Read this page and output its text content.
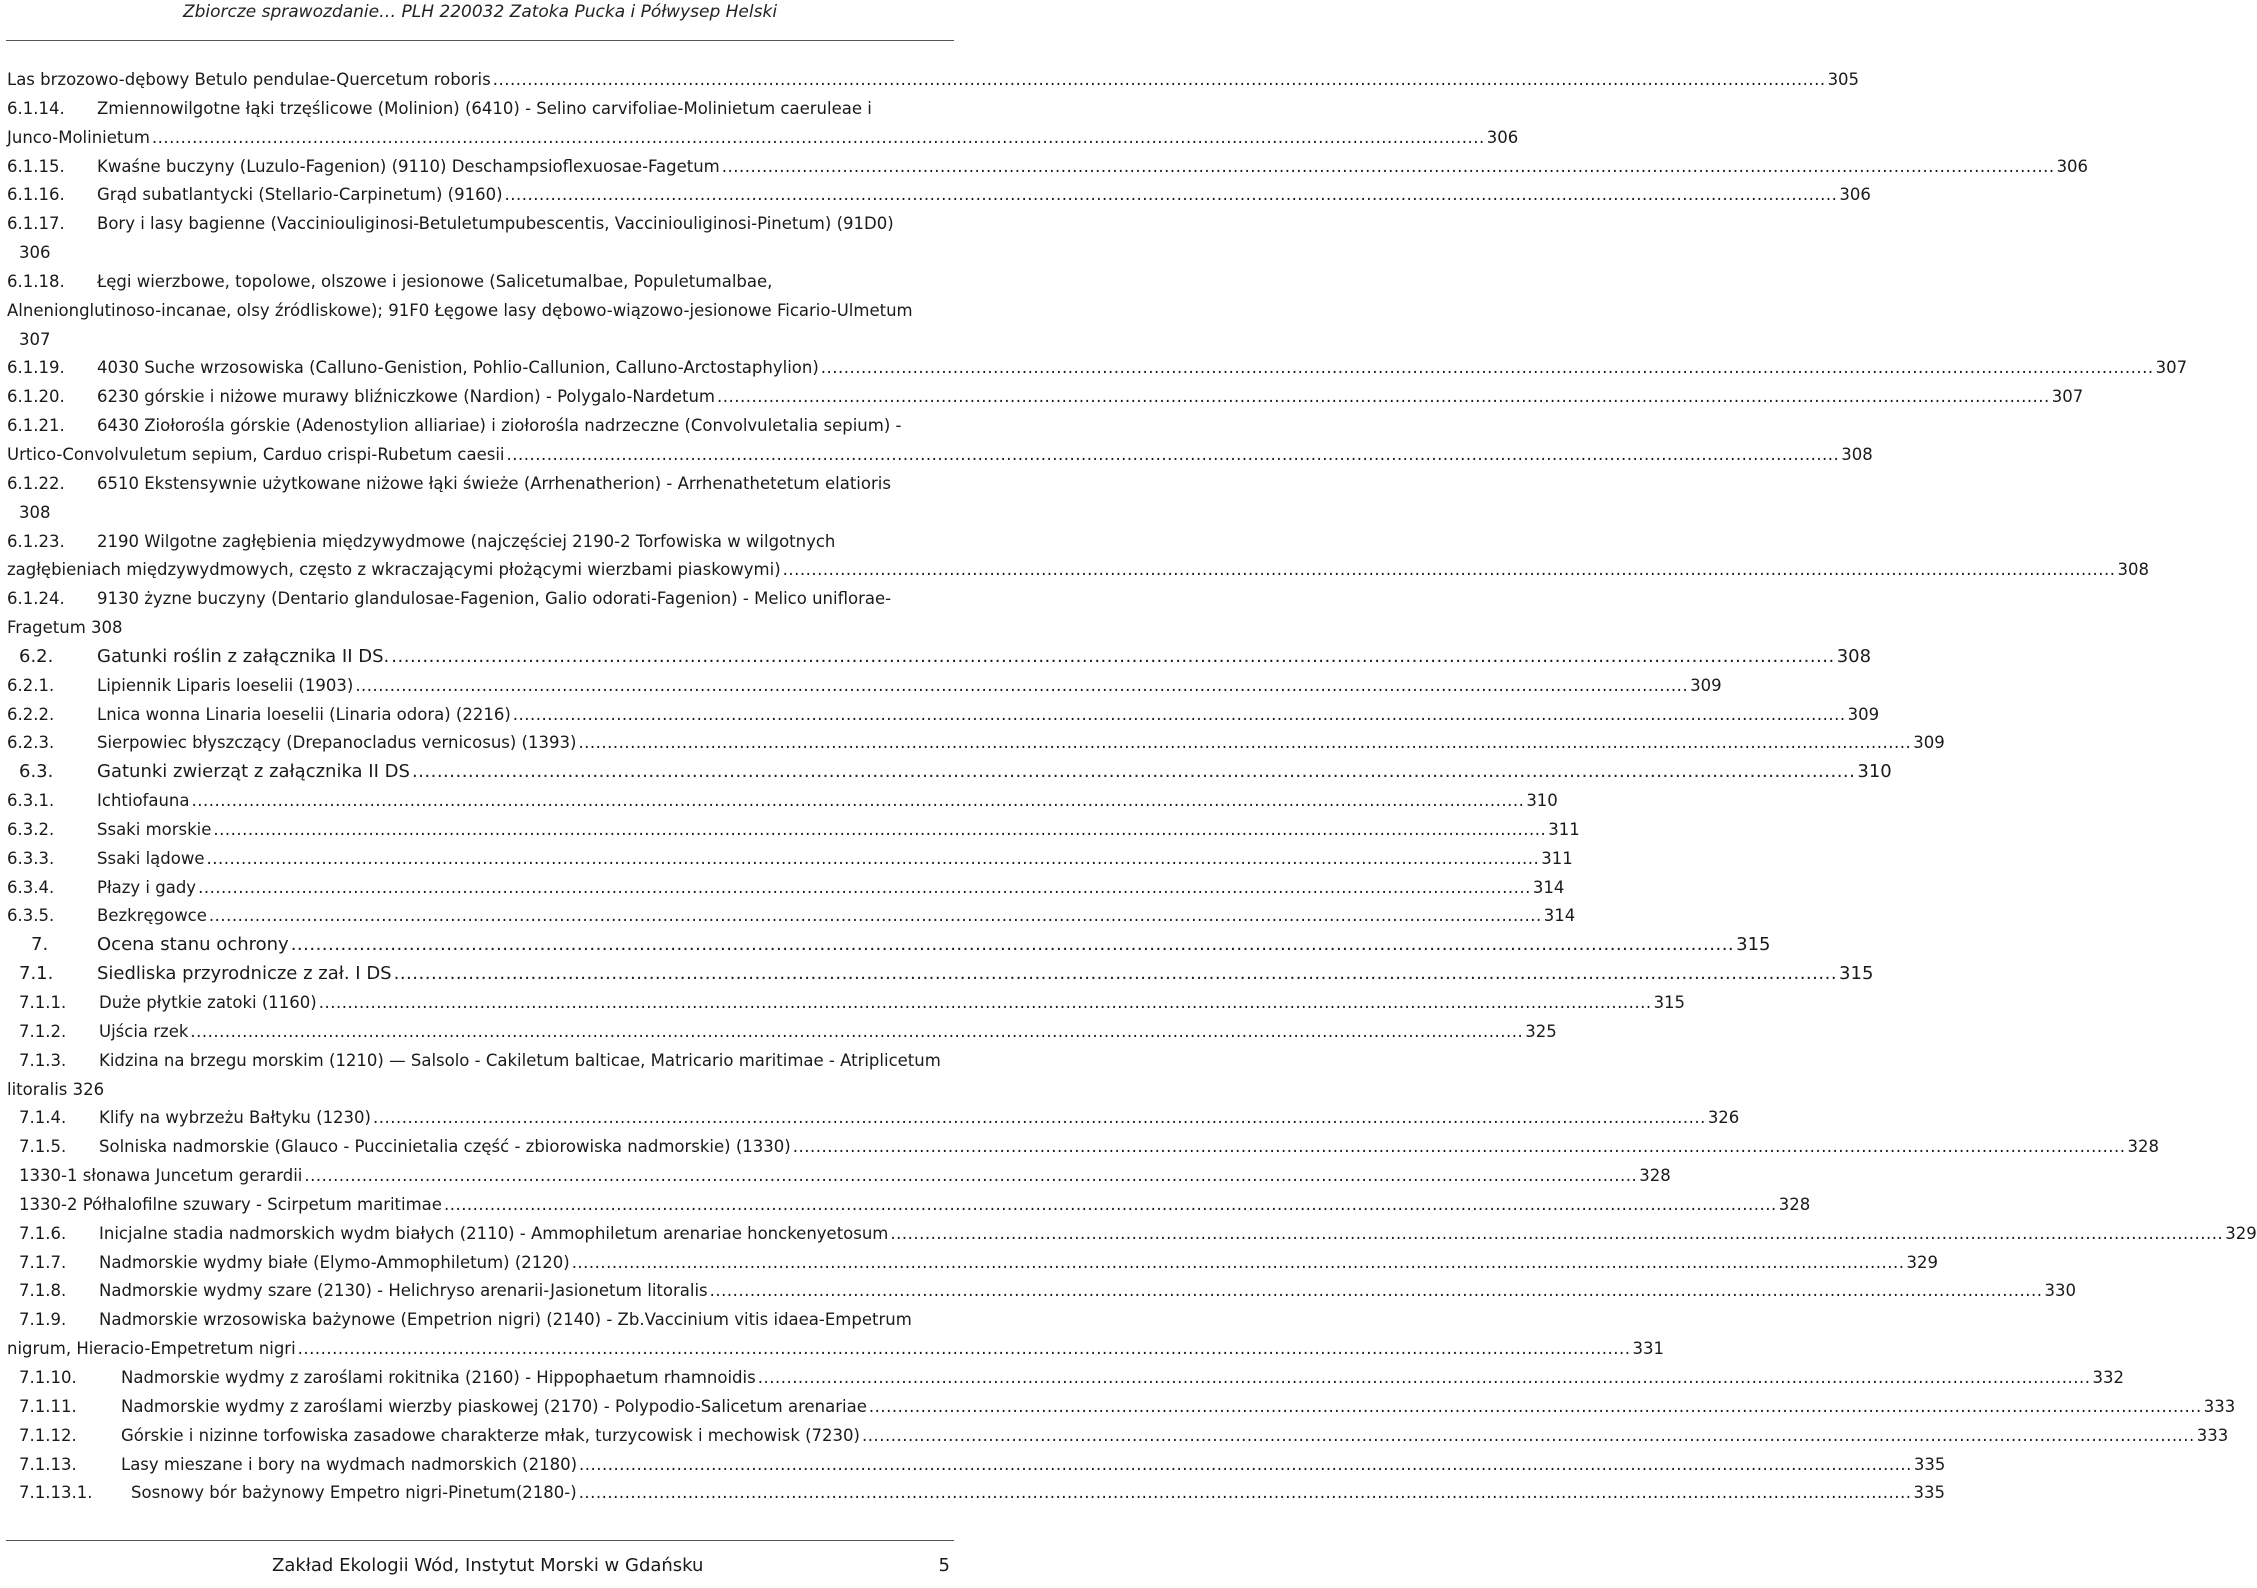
Zbiorcze sprawozdanie… PLH 220032 Zatoka Pucka i Półwysep Helski
Las brzozowo-dębowy Betulo pendulae-Quercetum roboris .....	305
6.1.14.	Zmiennowilgotne łąki trzęślicowe (Molinion) (6410) - Selino carvifoliae-Molinietum caeruleae i
Junco-Molinietum .....	306
6.1.15.	Kwaśne buczyny (Luzulo-Fagenion) (9110) Deschampsioflexuosae-Fagetum .....	306
6.1.16.	Grąd subatlantycki (Stellario-Carpinetum) (9160) .....	306
6.1.17.	Bory i lasy bagienne (Vacciniouliginosi-Betuletumpubescentis, Vacciniouliginosi-Pinetum) (91D0)
306
6.1.18.	Łęgi wierzbowe, topolowe, olszowe i jesionowe (Salicetumalbae, Populetumalbae,
Alnenionglutinoso-incanae, olsy źródliskowe); 91F0 Łęgowe lasy dębowo-wiązowo-jesionowe Ficario-Ulmetum
307
6.1.19.	4030 Suche wrzosowiska (Calluno-Genistion, Pohlio-Callunion, Calluno-Arctostaphylion) .....	307
6.1.20.	6230 górskie i niżowe murawy bliźniczkowe (Nardion) - Polygalo-Nardetum .....	307
6.1.21.	6430 Ziołorośla górskie (Adenostylion alliariae) i ziołorośla nadrzeczne (Convolvuletalia sepium) -
Urtico-Convolvuletum sepium, Carduo crispi-Rubetum caesii .....	308
6.1.22.	6510 Ekstensywnie użytkowane niżowe łąki świeże (Arrhenatherion) - Arrhenathetetum elatioris
308
6.1.23.	2190 Wilgotne zagłębienia międzywydmowe (najczęściej 2190-2 Torfowiska w wilgotnych
zagłębieniach międzywydmowych, często z wkraczającymi płożącymi wierzbami piaskowymi) .....	308
6.1.24.	9130 żyzne buczyny (Dentario glandulosae-Fagenion, Galio odorati-Fagenion) - Melico uniflorae-
Fragetum 308
6.2.	Gatunki roślin z załącznika II DS. .....	308
6.2.1.	Lipiennik Liparis loeselii (1903) .....	309
6.2.2.	Lnica wonna Linaria loeselii (Linaria odora) (2216) .....	309
6.2.3.	Sierpowiec błyszczący (Drepanocladus vernicosus) (1393) .....	309
6.3.	Gatunki zwierząt z załącznika II DS .....	310
6.3.1.	Ichtiofauna .....	310
6.3.2.	Ssaki morskie .....	311
6.3.3.	Ssaki lądowe .....	311
6.3.4.	Płazy i gady .....	314
6.3.5.	Bezkręgowce .....	314
7.	Ocena stanu ochrony .....	315
7.1.	Siedliska przyrodnicze z zał. I DS .....	315
7.1.1.	Duże płytkie zatoki (1160) .....	315
7.1.2.	Ujścia rzek .....	325
7.1.3.	Kidzina na brzegu morskim (1210) — Salsolo - Cakiletum balticae, Matricario maritimae - Atriplicetum
litoralis 326
7.1.4.	Klify na wybrzeżu Bałtyku (1230) .....	326
7.1.5.	Solniska nadmorskie (Glauco - Puccinietalia część - zbiorowiska nadmorskie) (1330) .....	328
1330-1 słonawa Juncetum gerardii .....	328
1330-2 Półhalofilne szuwary - Scirpetum maritimae .....	328
7.1.6.	Inicjalne stadia nadmorskich wydm białych (2110) - Ammophiletum arenariae honckenyetosum .....	329
7.1.7.	Nadmorskie wydmy białe (Elymo-Ammophiletum) (2120) .....	329
7.1.8.	Nadmorskie wydmy szare (2130) - Helichryso arenarii-Jasionetum litoralis .....	330
7.1.9.	Nadmorskie wrzosowiska bażynowe (Empetrion nigri) (2140) - Zb.Vaccinium vitis idaea-Empetrum
nigrum, Hieracio-Empetretum nigri .....	331
7.1.10.	Nadmorskie wydmy z zaroślami rokitnika (2160) - Hippophaetum rhamnoidis .....	332
7.1.11.	Nadmorskie wydmy z zaroślami wierzby piaskowej (2170) - Polypodio-Salicetum arenariae .....	333
7.1.12.	Górskie i nizinne torfowiska zasadowe charakterze młak, turzycowisk i mechowisk (7230) .....	333
7.1.13.	Lasy mieszane i bory na wydmach nadmorskich (2180) .....	335
7.1.13.1.	Sosnowy bór bażynowy Empetro nigri-Pinetum(2180-) .....	335
Zakład Ekologii Wód, Instytut Morski w Gdańsku	5
